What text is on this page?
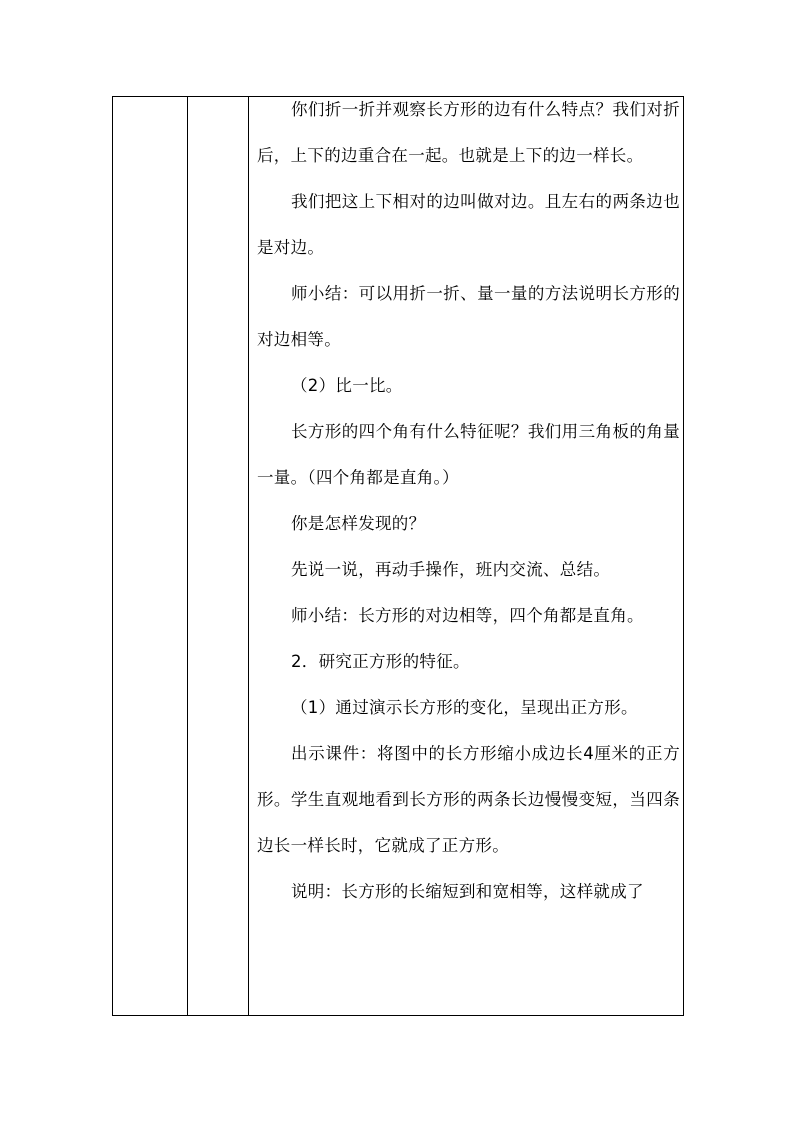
你们折一折并观察长方形的边有什么特点？我们对折后，上下的边重合在一起。也就是上下的边一样长。

我们把这上下相对的边叫做对边。且左右的两条边也是对边。

师小结：可以用折一折、量一量的方法说明长方形的对边相等。

（2）比一比。

长方形的四个角有什么特征呢？我们用三角板的角量一量。（四个角都是直角。）

你是怎样发现的？

先说一说，再动手操作，班内交流、总结。

师小结：长方形的对边相等，四个角都是直角。

2．研究正方形的特征。

（1）通过演示长方形的变化，呈现出正方形。

出示课件：将图中的长方形缩小成边长4厘米的正方形。学生直观地看到长方形的两条长边慢慢变短，当四条边长一样长时，它就成了正方形。

说明：长方形的长缩短到和宽相等，这样就成了
